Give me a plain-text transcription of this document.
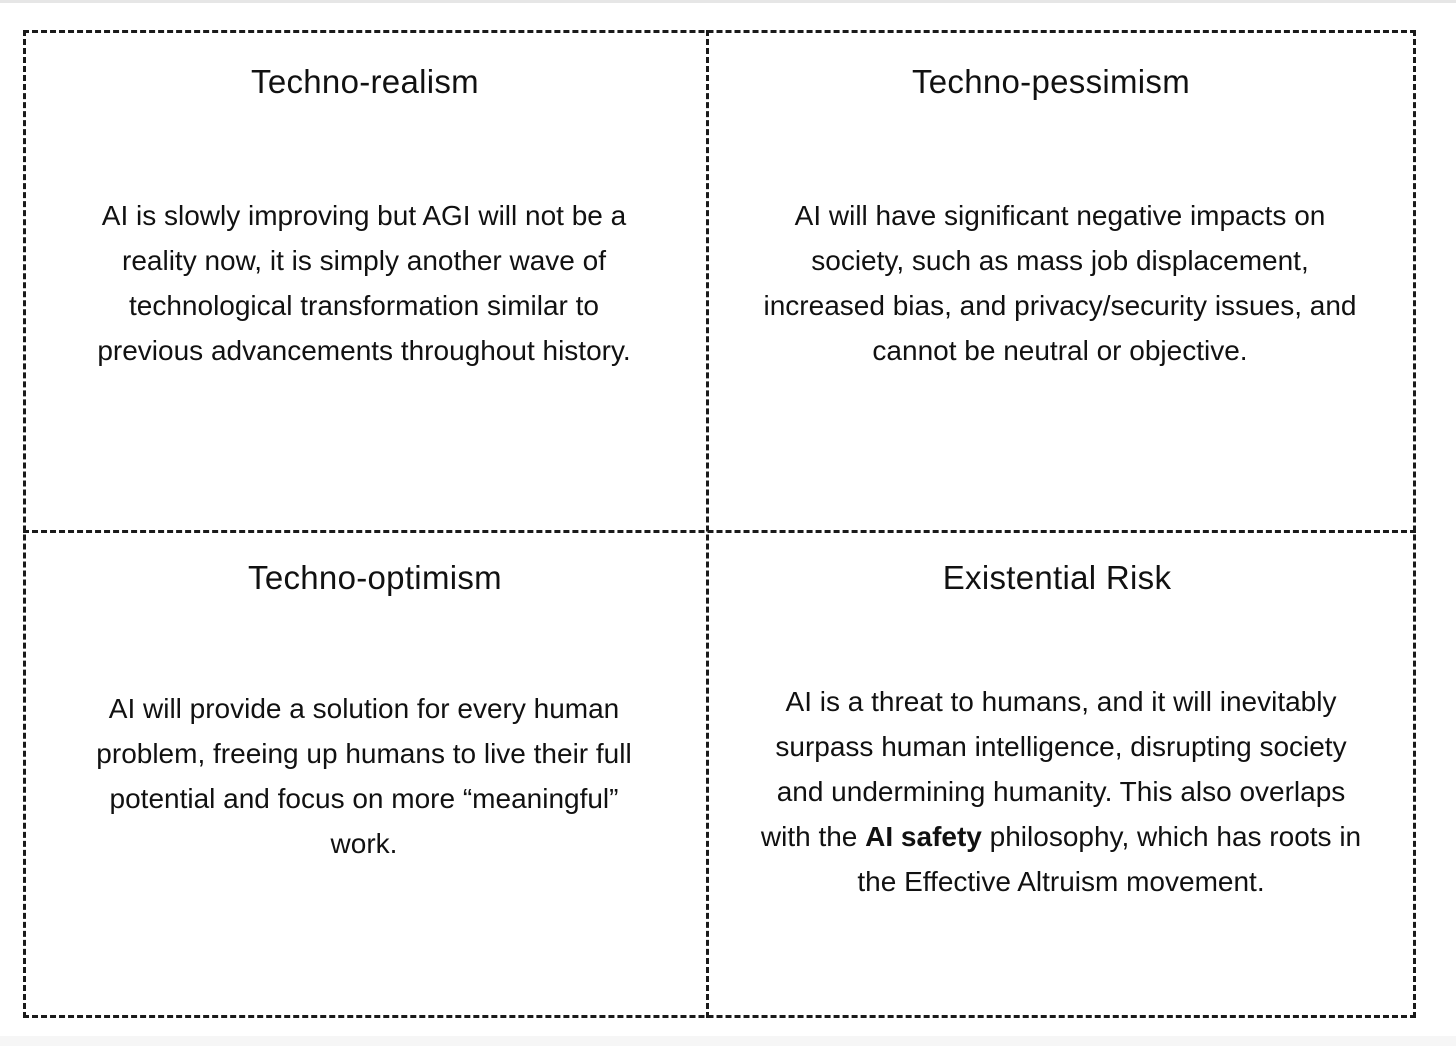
Techno-realism

AI is slowly improving but AGI will not be a
reality now, it is simply another wave of
technological transformation similar to
previous advancements throughout history.

Techno-pessimism

AI will have significant negative impacts on
society, such as mass job displacement,
increased bias, and privacy/security issues, and
cannot be neutral or objective.

Techno-optimism

AI will provide a solution for every human
problem, freeing up humans to live their full
potential and focus on more “meaningful”
work.

Existential Risk

AI is a threat to humans, and it will inevitably
surpass human intelligence, disrupting society
and undermining humanity. This also overlaps
with the AI safety philosophy, which has roots in
the Effective Altruism movement.
